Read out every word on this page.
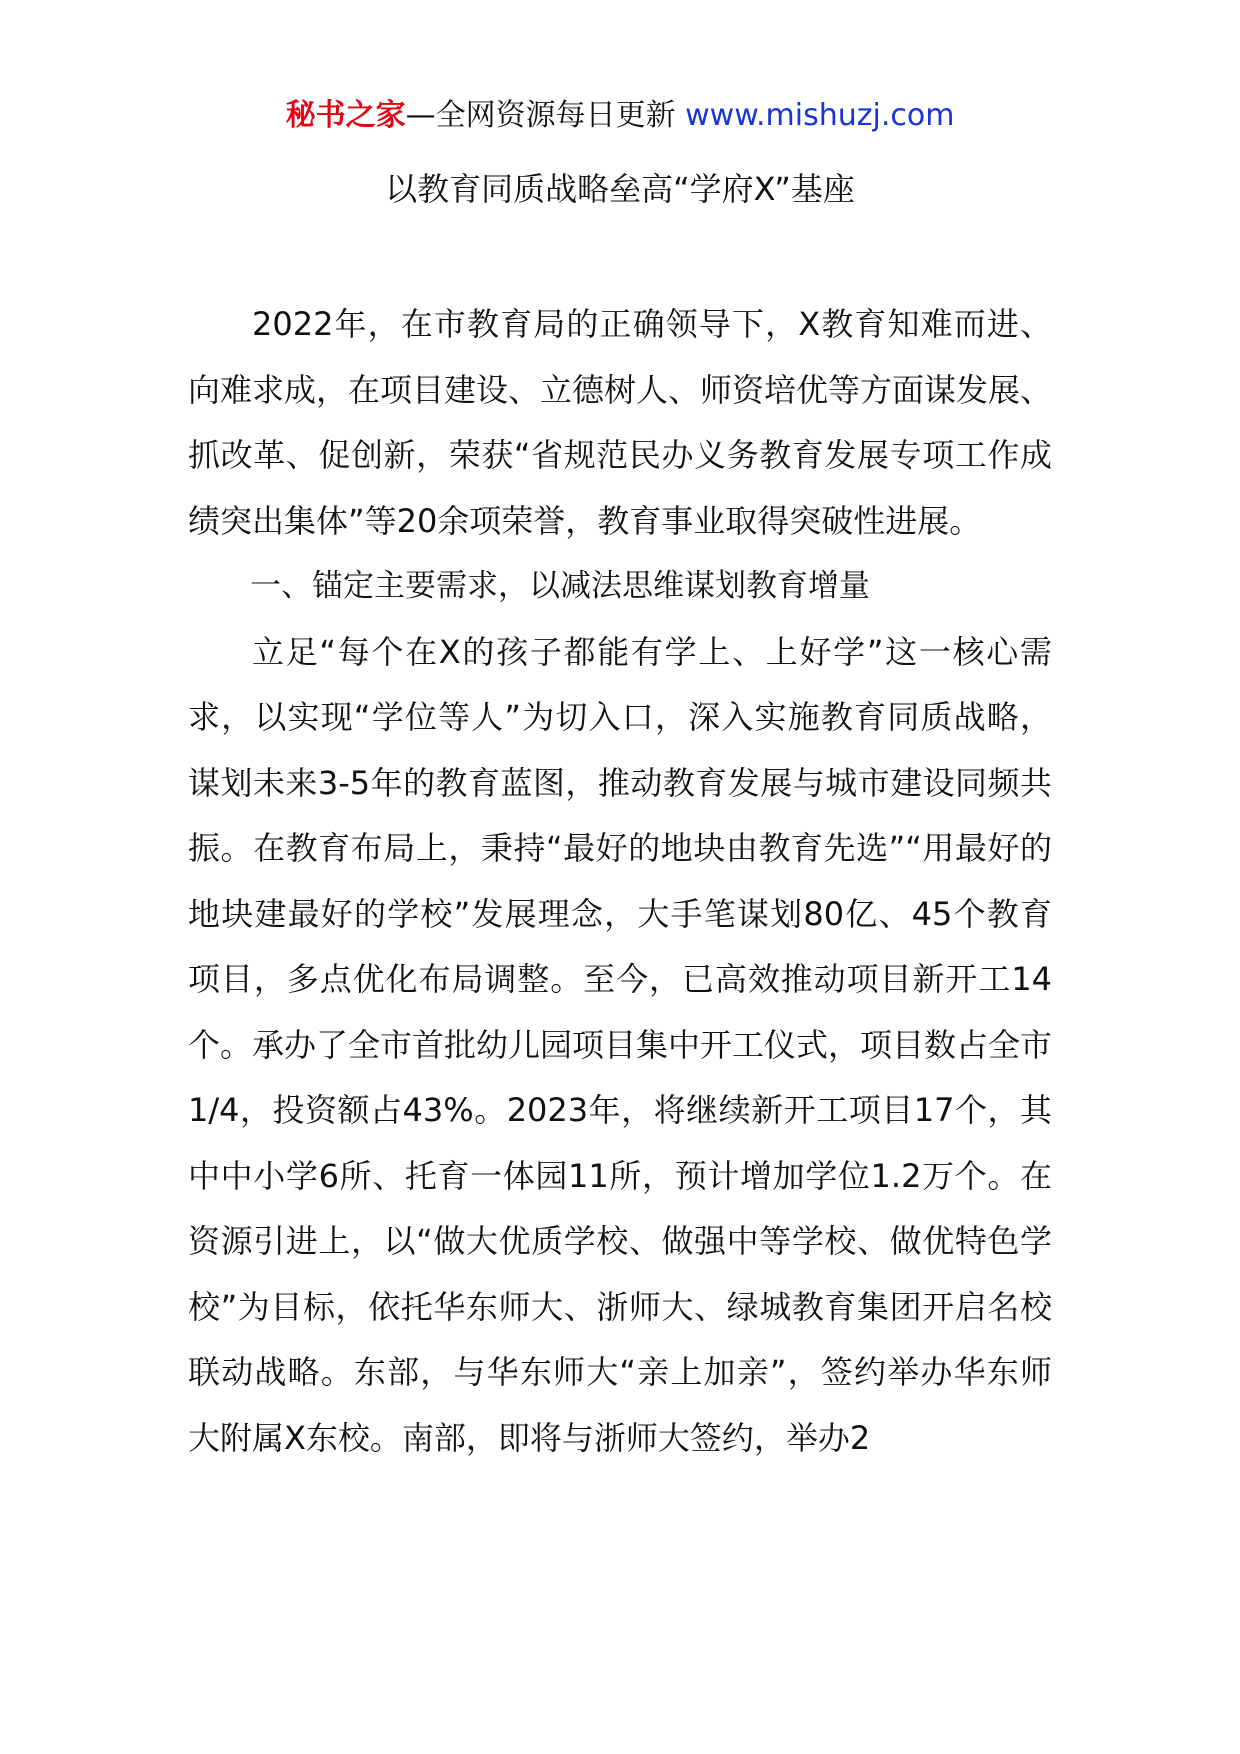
秘书之家—全网资源每日更新 www.mishuzj.com
以教育同质战略垒高“学府X”基座

2022年，在市教育局的正确领导下，X教育知难而进、向难求成，在项目建设、立德树人、师资培优等方面谋发展、抓改革、促创新，荣获“省规范民办义务教育发展专项工作成绩突出集体”等20余项荣誉，教育事业取得突破性进展。

一、锚定主要需求，以减法思维谋划教育增量

立足“每个在X的孩子都能有学上、上好学”这一核心需求，以实现“学位等人”为切入口，深入实施教育同质战略，谋划未来3-5年的教育蓝图，推动教育发展与城市建设同频共振。在教育布局上，秉持“最好的地块由教育先选”“用最好的地块建最好的学校”发展理念，大手笔谋划80亿、45个教育项目，多点优化布局调整。至今，已高效推动项目新开工14个。承办了全市首批幼儿园项目集中开工仪式，项目数占全市1/4，投资额占43%。2023年，将继续新开工项目17个，其中中小学6所、托育一体园11所，预计增加学位1.2万个。在资源引进上，以“做大优质学校、做强中等学校、做优特色学校”为目标，依托华东师大、浙师大、绿城教育集团开启名校联动战略。东部，与华东师大“亲上加亲”，签约举办华东师大附属X东校。南部，即将与浙师大签约，举办2
